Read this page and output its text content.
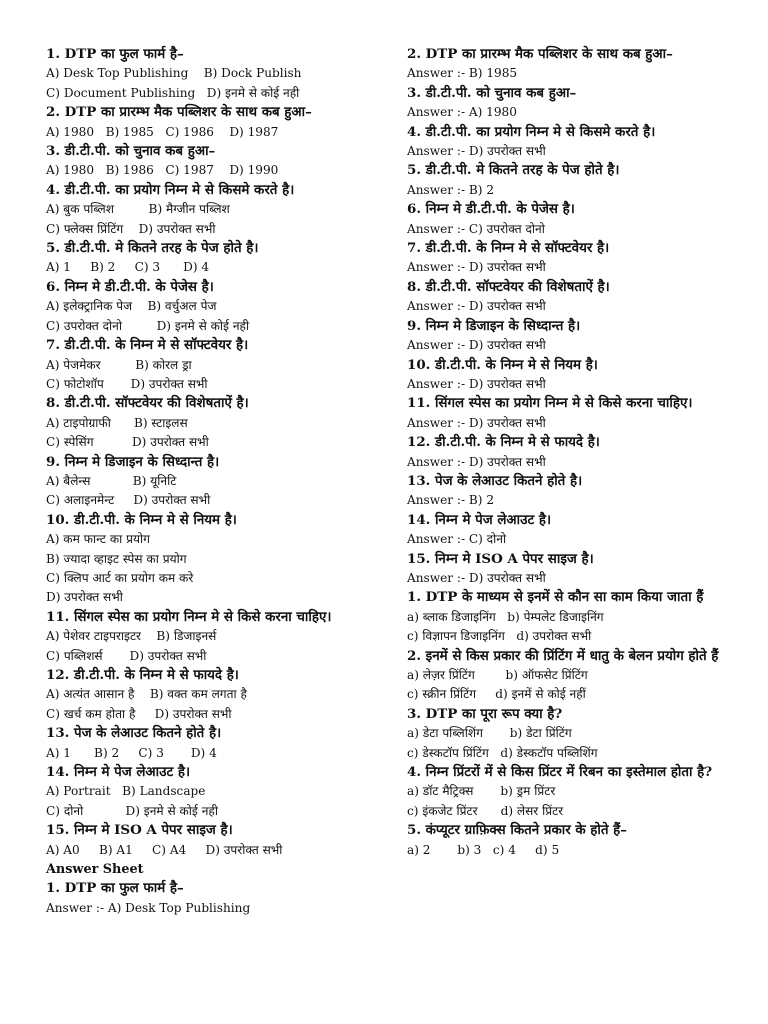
1. DTP का फुल फार्म है–

A) Desk Top Publishing    B) Dock Publish

C) Document Publishing   D) इनमे से कोई नही

2. DTP का प्रारम्भ मैक पब्लिशर के साथ कब हुआ–

A) 1980   B) 1985   C) 1986    D) 1987

3. डी.टी.पी. को चुनाव कब हुआ–

A) 1980   B) 1986   C) 1987    D) 1990

4. डी.टी.पी. का प्रयोग निम्न मे से किसमे करते है।

A) बुक पब्लिश         B) मैग्जीन पब्लिश

C) फ्लेक्स प्रिंटिंग    D) उपरोक्त सभी

5. डी.टी.पी. मे कितने तरह के पेज होते है।

A) 1     B) 2     C) 3      D) 4

6. निम्न मे डी.टी.पी. के पेजेस है।

A) इलेक्ट्रानिक पेज    B) वर्चुअल पेज

C) उपरोक्त दोनो         D) इनमे से कोई नही

7. डी.टी.पी. के निम्न मे से सॉफ्टवेयर है।

A) पेजमेकर         B) कोरल ड्रा

C) फोटोशॉप       D) उपरोक्त सभी

8. डी.टी.पी. सॉफ्टवेयर की विशेषताऐं है।

A) टाइपोग्राफी      B) स्टाइलस

C) स्पेसिंग          D) उपरोक्त सभी

9. निम्न मे डिजाइन के सिध्दान्त है।

A) बैलेन्स           B) यूनिटि

C) अलाइनमेन्ट     D) उपरोक्त सभी

10. डी.टी.पी. के निम्न मे से नियम है।

A) कम फान्ट का प्रयोग

B) ज्यादा व्हाइट स्पेस का प्रयोग

C) क्लिप आर्ट का प्रयोग कम करे

D) उपरोक्त सभी

11. सिंगल स्पेस का प्रयोग निम्न मे से किसे करना चाहिए।

A) पेशेवर टाइपराइटर    B) डिजाइनर्स

C) पब्लिशर्स       D) उपरोक्त सभी

12. डी.टी.पी. के निम्न मे से फायदे है।

A) अत्यंत आसान है    B) वक्त कम लगता है

C) खर्च कम होता है     D) उपरोक्त सभी

13. पेज के लेआउट कितने होते है।

A) 1      B) 2     C) 3       D) 4

14. निम्न मे पेज लेआउट है।

A) Portrait   B) Landscape

C) दोनो           D) इनमे से कोई नही

15. निम्न मे ISO A पेपर साइज है।

A) A0     B) A1     C) A4     D) उपरोक्त सभी

Answer Sheet

1. DTP का फुल फार्म है–

Answer :- A) Desk Top Publishing

2. DTP का प्रारम्भ मैक पब्लिशर के साथ कब हुआ–

Answer :- B) 1985

3. डी.टी.पी. को चुनाव कब हुआ–

Answer :- A) 1980

4. डी.टी.पी. का प्रयोग निम्न मे से किसमे करते है।

Answer :- D) उपरोक्त सभी

5. डी.टी.पी. मे कितने तरह के पेज होते है।

Answer :- B) 2

6. निम्न मे डी.टी.पी. के पेजेस है।

Answer :- C) उपरोक्त दोनो

7. डी.टी.पी. के निम्न मे से सॉफ्टवेयर है।

Answer :- D) उपरोक्त सभी

8. डी.टी.पी. सॉफ्टवेयर की विशेषताऐं है।

Answer :- D) उपरोक्त सभी

9. निम्न मे डिजाइन के सिध्दान्त है।

Answer :- D) उपरोक्त सभी

10. डी.टी.पी. के निम्न मे से नियम है।

Answer :- D) उपरोक्त सभी

11. सिंगल स्पेस का प्रयोग निम्न मे से किसे करना चाहिए।

Answer :- D) उपरोक्त सभी

12. डी.टी.पी. के निम्न मे से फायदे है।

Answer :- D) उपरोक्त सभी

13. पेज के लेआउट कितने होते है।

Answer :- B) 2

14. निम्न मे पेज लेआउट है।

Answer :- C) दोनो

15. निम्न मे ISO A पेपर साइज है।

Answer :- D) उपरोक्त सभी

1. DTP के माध्यम से इनमें से कौन सा काम किया जाता हैं

a) ब्लाक डिजाइनिंग   b) पेम्पलेट डिजाइनिंग

c) विज्ञापन डिजाइनिंग   d) उपरोक्त सभी

2. इनमें से किस प्रकार की प्रिंटिंग में धातु के बेलन प्रयोग होते हैं

a) लेज़र प्रिंटिंग        b) ऑफसेट प्रिंटिंग

c) स्क्रीन प्रिंटिंग     d) इनमें से कोई नहीं

3. DTP का पूरा रूप क्या है?

a) डेटा पब्लिशिंग       b) डेटा प्रिंटिंग

c) डेस्कटॉप प्रिंटिंग   d) डेस्कटॉप पब्लिशिंग

4. निम्न प्रिंटरों में से किस प्रिंटर में रिबन का इस्तेमाल होता है?

a) डॉट मैट्रिक्स       b) ड्रम प्रिंटर

c) इंकजेट प्रिंटर      d) लेसर प्रिंटर

5. कंप्यूटर ग्राफ़िक्स कितने प्रकार के होते हैं–

a) 2       b) 3   c) 4     d) 5
